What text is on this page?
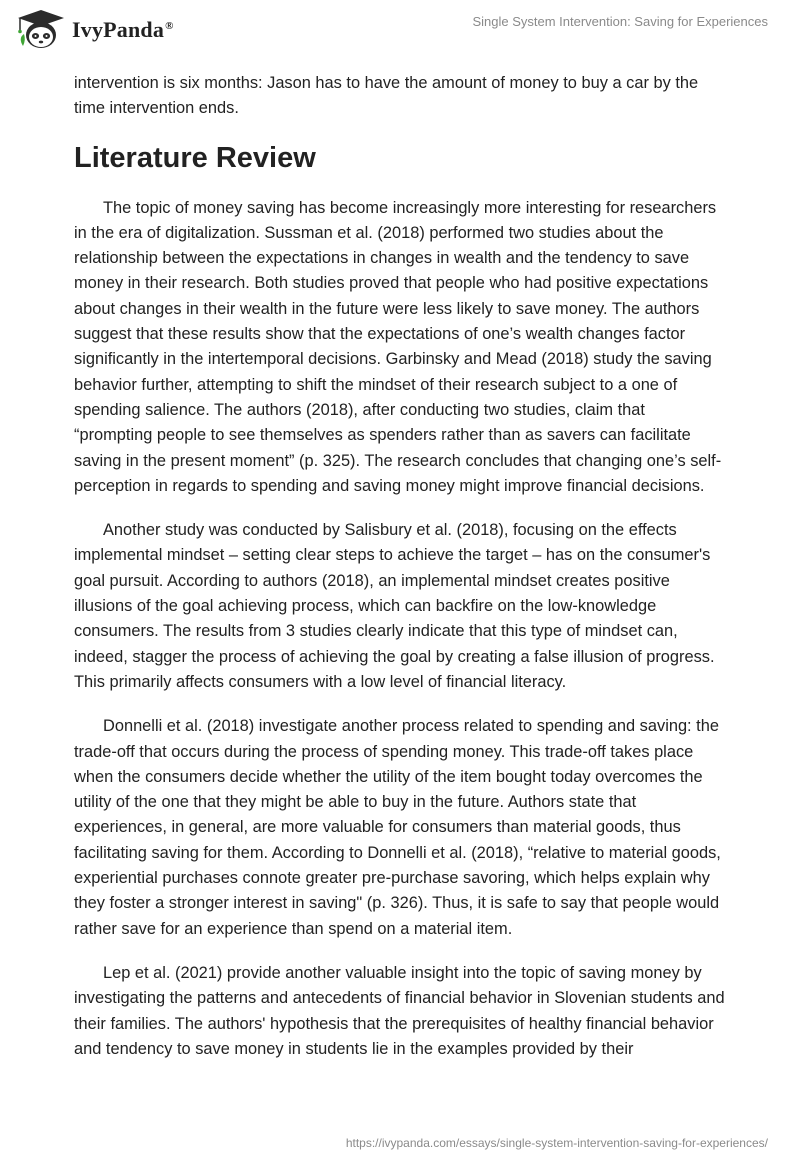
IvyPanda®	Single System Intervention: Saving for Experiences

intervention is six months: Jason has to have the amount of money to buy a car by the time intervention ends.

Literature Review

The topic of money saving has become increasingly more interesting for researchers in the era of digitalization. Sussman et al. (2018) performed two studies about the relationship between the expectations in changes in wealth and the tendency to save money in their research. Both studies proved that people who had positive expectations about changes in their wealth in the future were less likely to save money. The authors suggest that these results show that the expectations of one’s wealth changes factor significantly in the intertemporal decisions. Garbinsky and Mead (2018) study the saving behavior further, attempting to shift the mindset of their research subject to a one of spending salience. The authors (2018), after conducting two studies, claim that “prompting people to see themselves as spenders rather than as savers can facilitate saving in the present moment” (p. 325). The research concludes that changing one’s self-perception in regards to spending and saving money might improve financial decisions.

Another study was conducted by Salisbury et al. (2018), focusing on the effects implemental mindset – setting clear steps to achieve the target – has on the consumer's goal pursuit. According to authors (2018), an implemental mindset creates positive illusions of the goal achieving process, which can backfire on the low-knowledge consumers. The results from 3 studies clearly indicate that this type of mindset can, indeed, stagger the process of achieving the goal by creating a false illusion of progress. This primarily affects consumers with a low level of financial literacy.

Donnelli et al. (2018) investigate another process related to spending and saving: the trade-off that occurs during the process of spending money. This trade-off takes place when the consumers decide whether the utility of the item bought today overcomes the utility of the one that they might be able to buy in the future. Authors state that experiences, in general, are more valuable for consumers than material goods, thus facilitating saving for them. According to Donnelli et al. (2018), “relative to material goods, experiential purchases connote greater pre-purchase savoring, which helps explain why they foster a stronger interest in saving" (p. 326). Thus, it is safe to say that people would rather save for an experience than spend on a material item.

Lep et al. (2021) provide another valuable insight into the topic of saving money by investigating the patterns and antecedents of financial behavior in Slovenian students and their families. The authors' hypothesis that the prerequisites of healthy financial behavior and tendency to save money in students lie in the examples provided by their

https://ivypanda.com/essays/single-system-intervention-saving-for-experiences/
